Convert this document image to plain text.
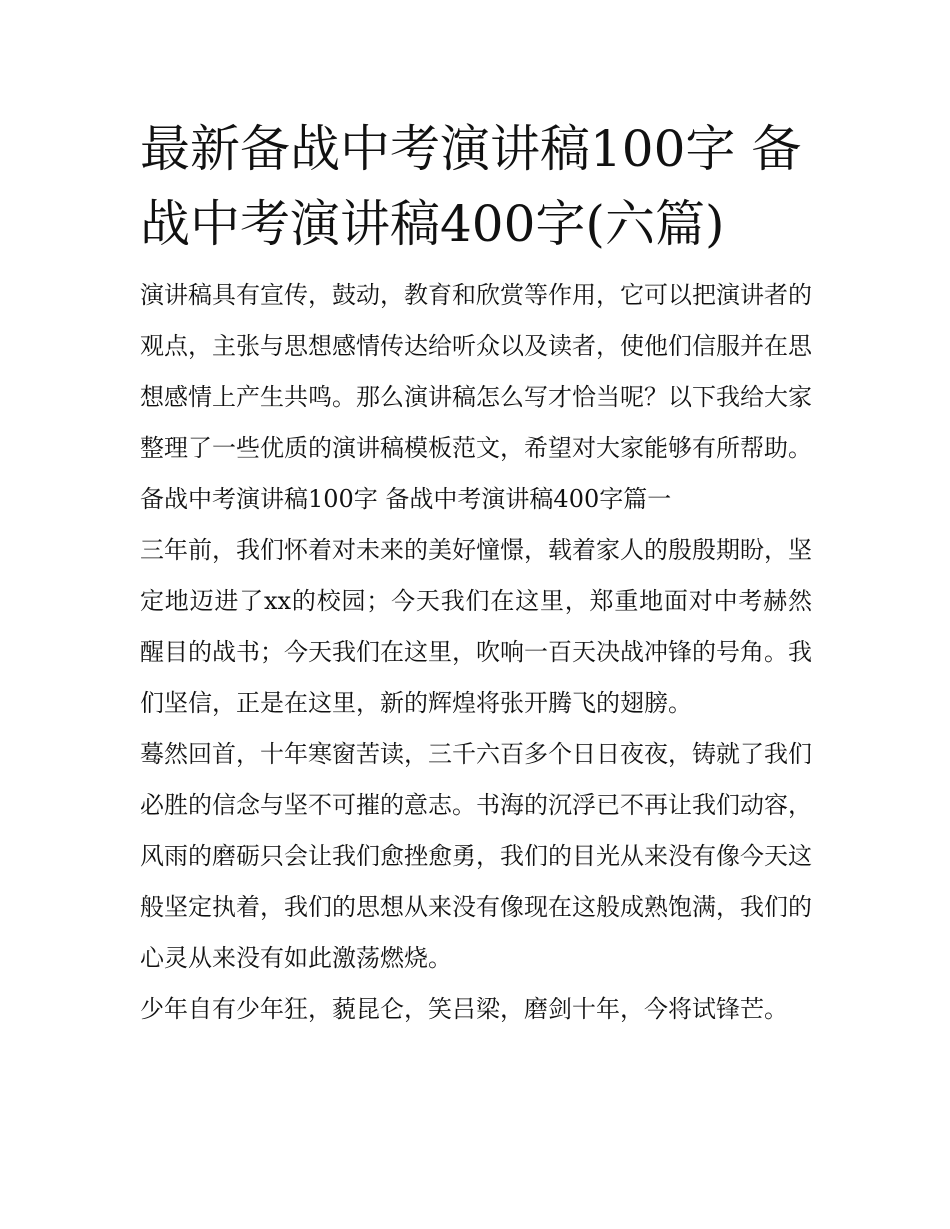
最新备战中考演讲稿100字 备战中考演讲稿400字(六篇)

演讲稿具有宣传，鼓动，教育和欣赏等作用，它可以把演讲者的观点，主张与思想感情传达给听众以及读者，使他们信服并在思想感情上产生共鸣。那么演讲稿怎么写才恰当呢？以下我给大家整理了一些优质的演讲稿模板范文，希望对大家能够有所帮助。

备战中考演讲稿100字 备战中考演讲稿400字篇一

三年前，我们怀着对未来的美好憧憬，载着家人的殷殷期盼，坚定地迈进了xx的校园；今天我们在这里，郑重地面对中考赫然醒目的战书；今天我们在这里，吹响一百天决战冲锋的号角。我们坚信，正是在这里，新的辉煌将张开腾飞的翅膀。

蓦然回首，十年寒窗苦读，三千六百多个日日夜夜，铸就了我们必胜的信念与坚不可摧的意志。书海的沉浮已不再让我们动容，风雨的磨砺只会让我们愈挫愈勇，我们的目光从来没有像今天这般坚定执着，我们的思想从来没有像现在这般成熟饱满，我们的心灵从来没有如此激荡燃烧。

少年自有少年狂，藐昆仑，笑吕梁，磨剑十年，今将试锋芒。
